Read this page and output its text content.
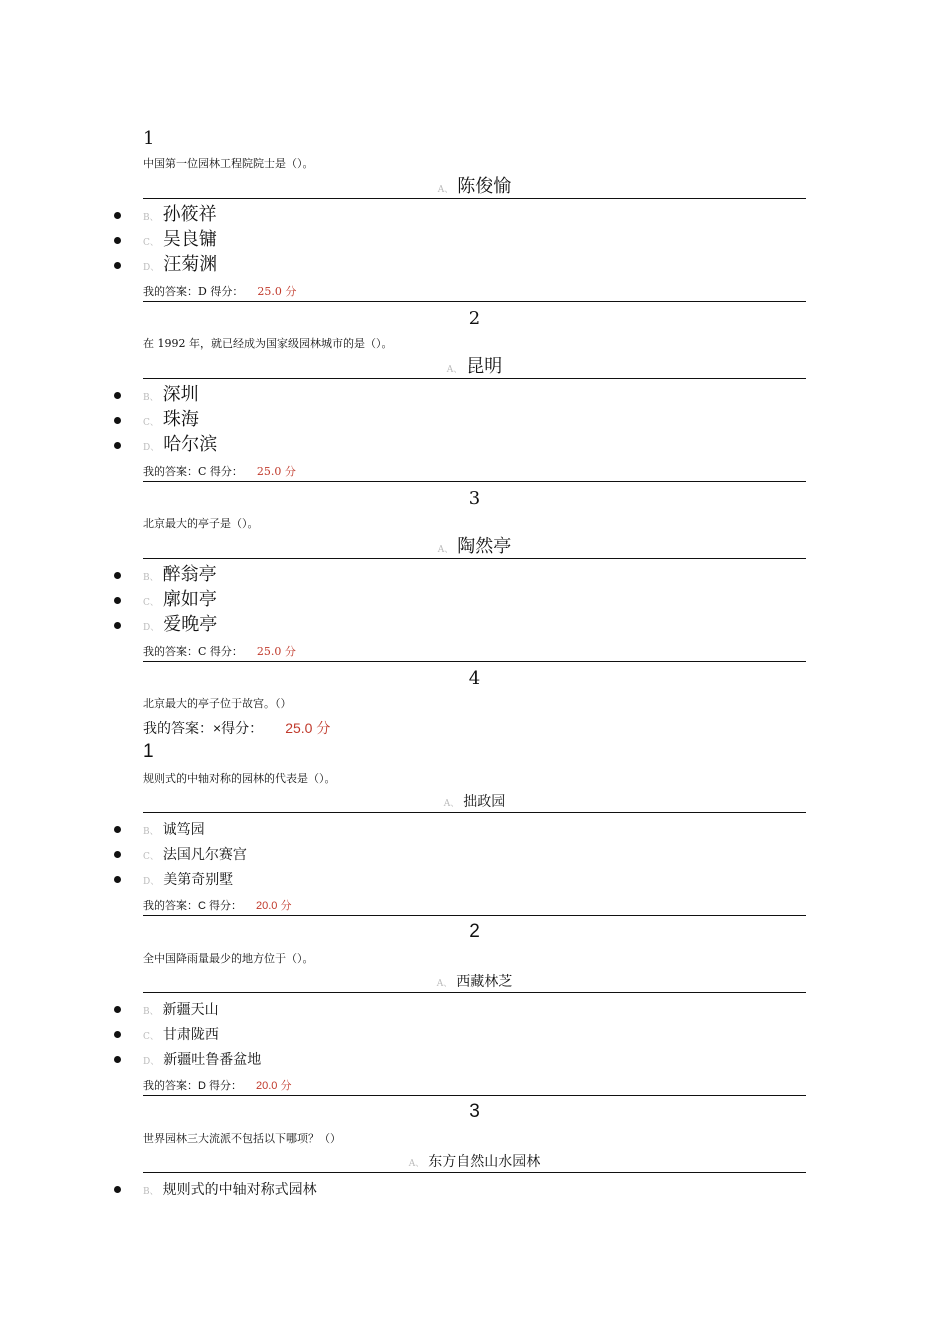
1
中国第一位园林工程院院士是（）。
A、 陈俊愉
B、 孙筱祥
C、 吴良镛
D、 汪菊渊
我的答案：D 得分： 25.0 分
2
在 1992 年，就已经成为国家级园林城市的是（）。
A、 昆明
B、 深圳
C、 珠海
D、 哈尔滨
我的答案：C 得分： 25.0 分
3
北京最大的亭子是（）。
A、 陶然亭
B、 醉翁亭
C、 廓如亭
D、 爱晚亭
我的答案：C 得分： 25.0 分
4
北京最大的亭子位于故宫。（）
我的答案：×得分： 25.0 分
1
规则式的中轴对称的园林的代表是（）。
A、 拙政园
B、 诚笃园
C、 法国凡尔赛宫
D、 美第奇别墅
我的答案：C 得分： 20.0 分
2
全中国降雨量最少的地方位于（）。
A、 西藏林芝
B、 新疆天山
C、 甘肃陇西
D、 新疆吐鲁番盆地
我的答案：D 得分： 20.0 分
3
世界园林三大流派不包括以下哪项？（）
A、 东方自然山水园林
B、 规则式的中轴对称式园林
